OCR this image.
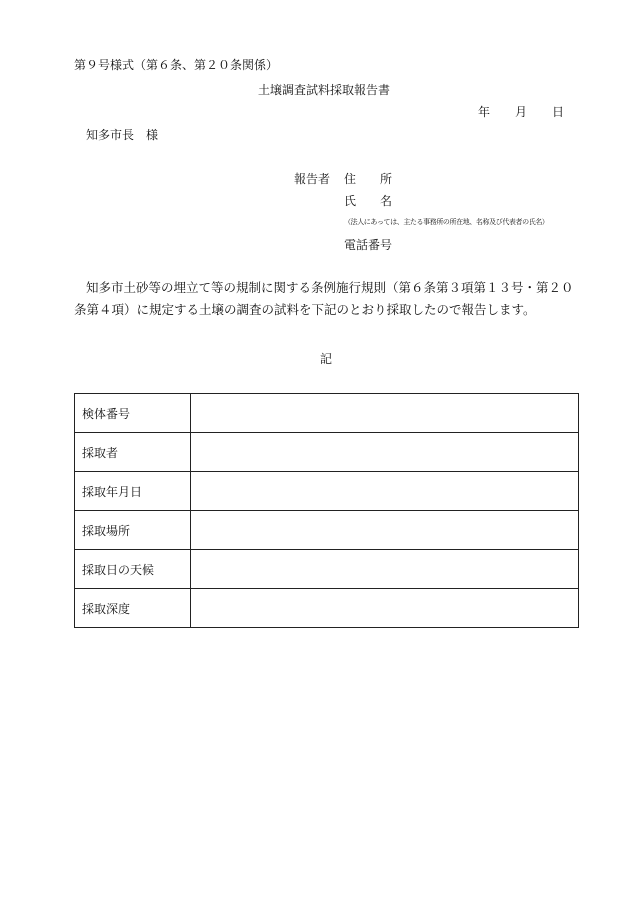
第９号様式（第６条、第２０条関係）
土壌調査試料採取報告書
年 月 日
知多市長　様
報告者 住　　所
氏　　名
（法人にあっては、主たる事務所の所在地、名称及び代表者の氏名）
電話番号
知多市土砂等の埋立て等の規制に関する条例施行規則（第６条第３項第１３号・第２０
条第４項）に規定する土壌の調査の試料を下記のとおり採取したので報告します。
記
検体番号	
採取者	
採取年月日	
採取場所	
採取日の天候	
採取深度	
